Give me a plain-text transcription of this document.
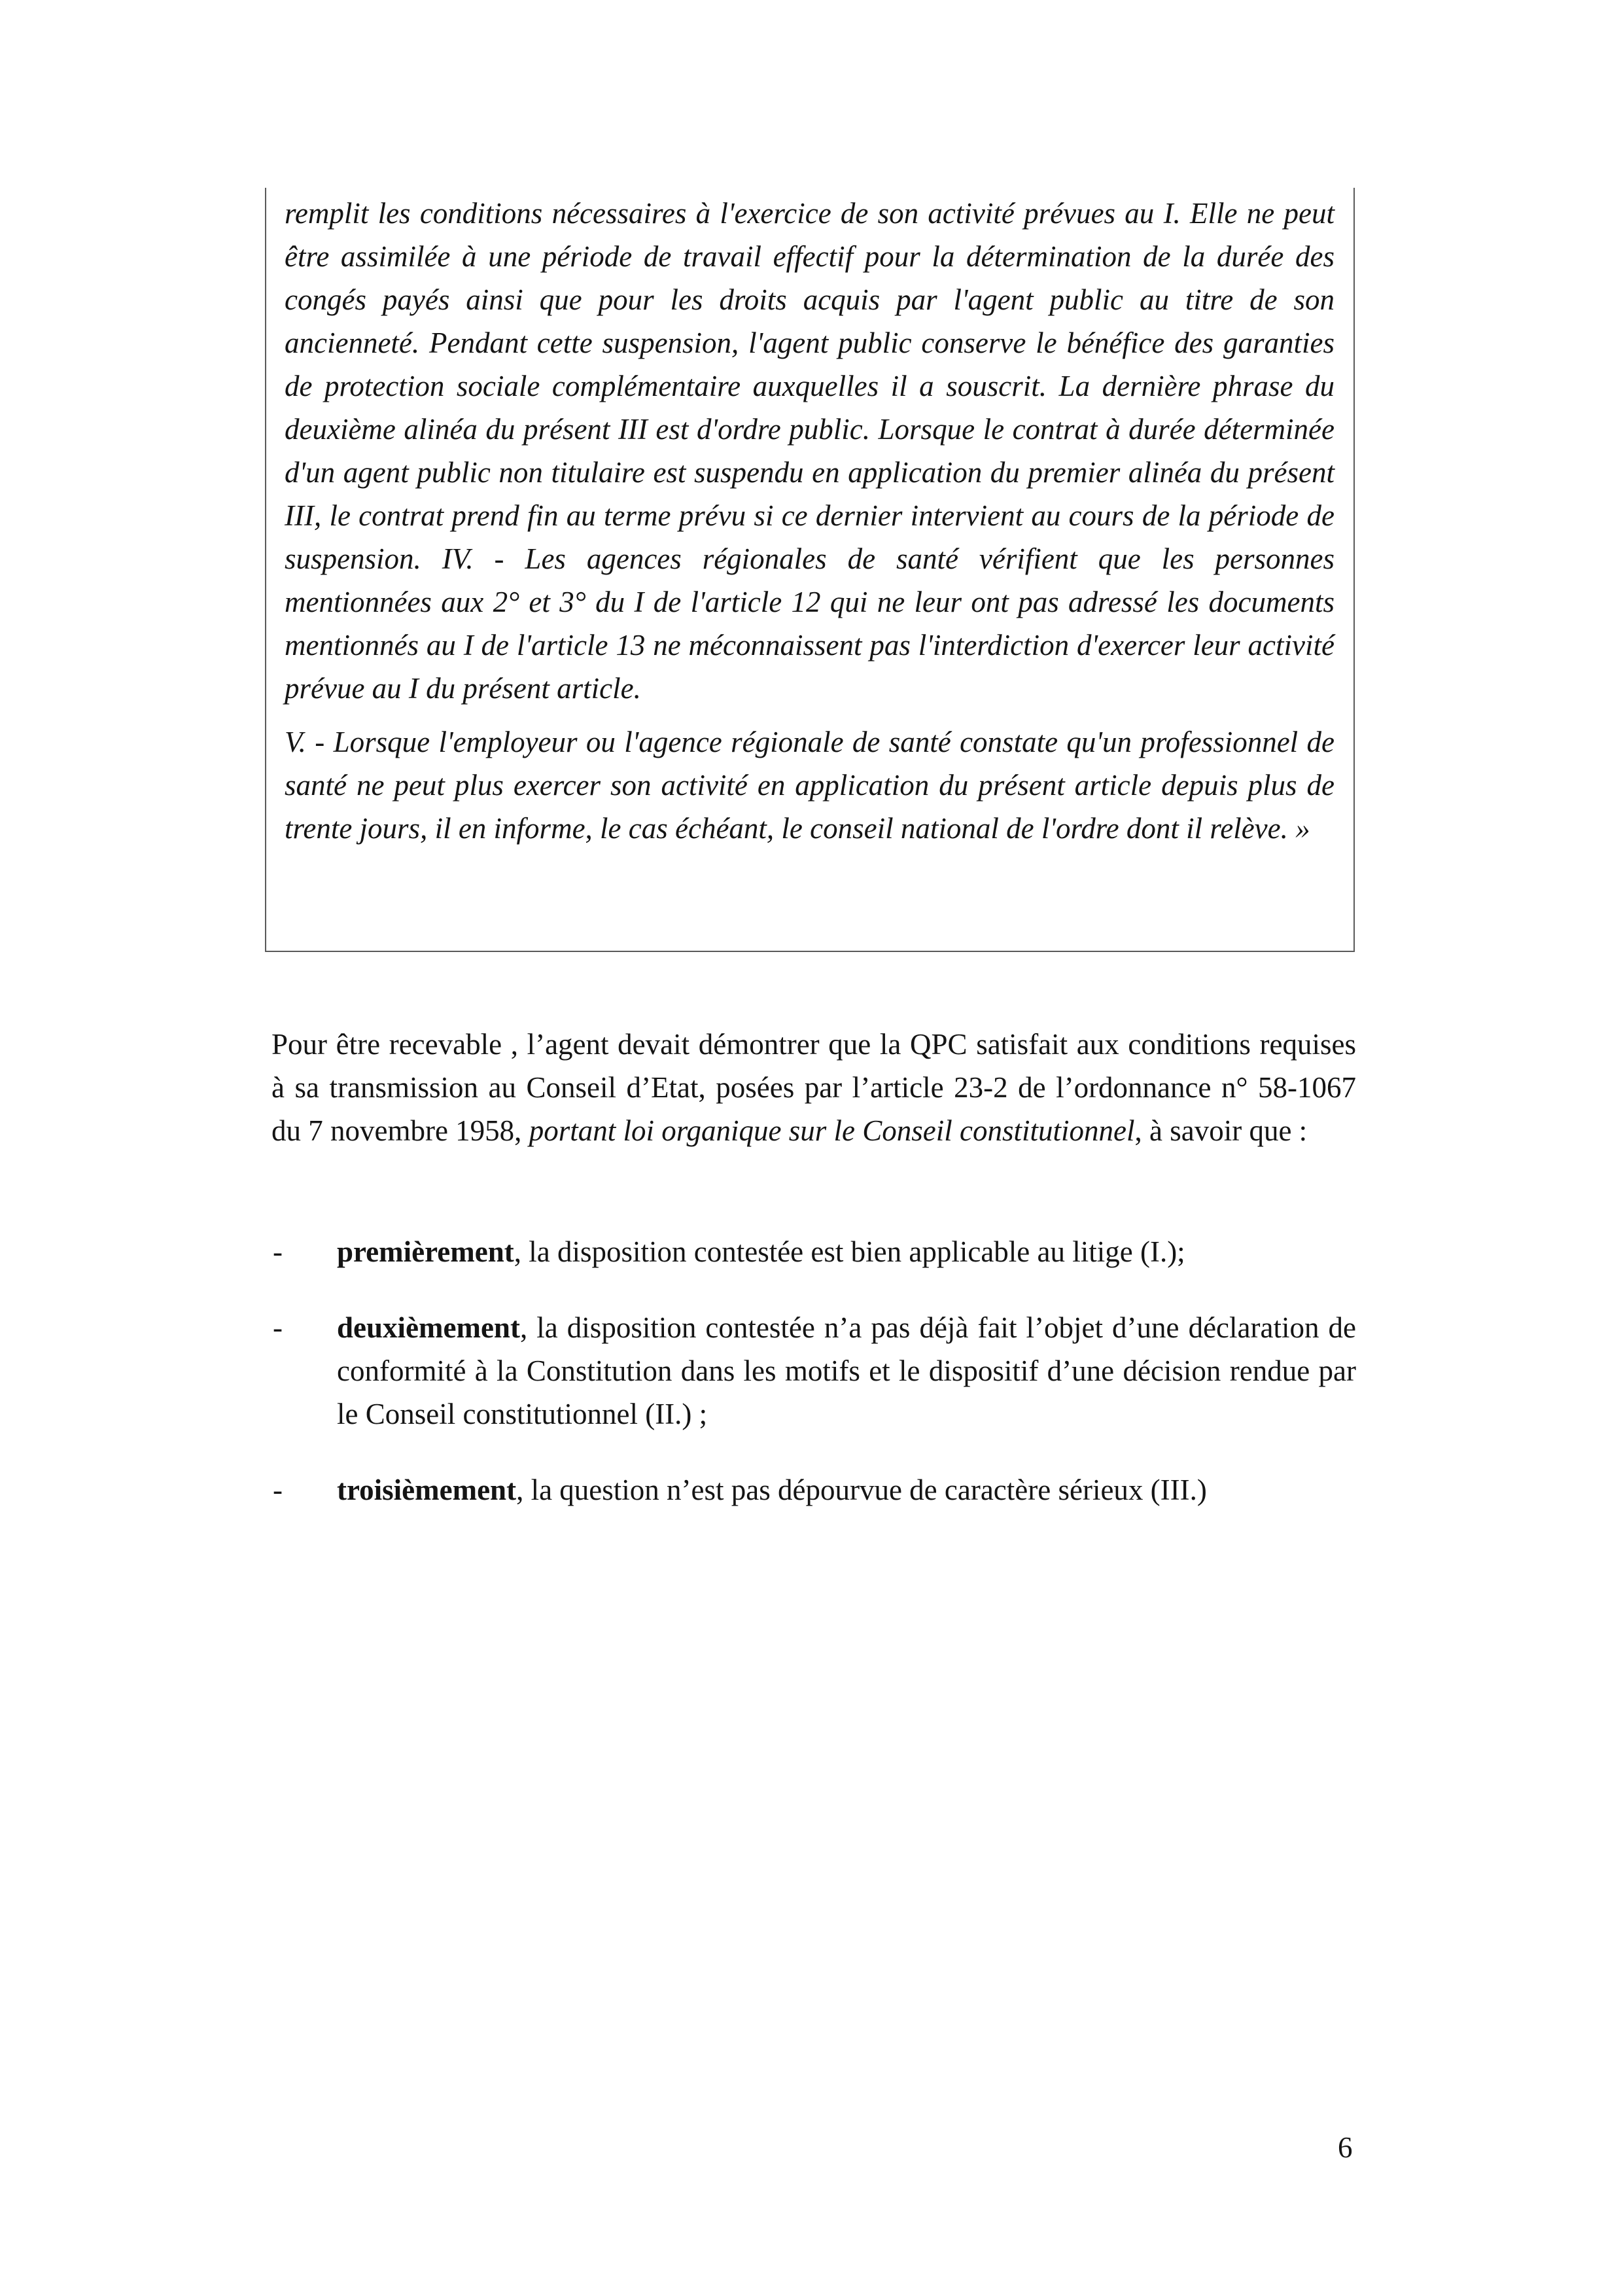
remplit les conditions nécessaires à l'exercice de son activité prévues au I. Elle ne peut être assimilée à une période de travail effectif pour la détermination de la durée des congés payés ainsi que pour les droits acquis par l'agent public au titre de son ancienneté. Pendant cette suspension, l'agent public conserve le bénéfice des garanties de protection sociale complémentaire auxquelles il a souscrit. La dernière phrase du deuxième alinéa du présent III est d'ordre public. Lorsque le contrat à durée déterminée d'un agent public non titulaire est suspendu en application du premier alinéa du présent III, le contrat prend fin au terme prévu si ce dernier intervient au cours de la période de suspension. IV. - Les agences régionales de santé vérifient que les personnes mentionnées aux 2° et 3° du I de l'article 12 qui ne leur ont pas adressé les documents mentionnés au I de l'article 13 ne méconnaissent pas l'interdiction d'exercer leur activité prévue au I du présent article.

V. - Lorsque l'employeur ou l'agence régionale de santé constate qu'un professionnel de santé ne peut plus exercer son activité en application du présent article depuis plus de trente jours, il en informe, le cas échéant, le conseil national de l'ordre dont il relève. »

Pour être recevable , l’agent devait démontrer que la QPC satisfait aux conditions requises à sa transmission au Conseil d’Etat, posées par l’article 23-2 de l’ordonnance n° 58-1067 du 7 novembre 1958, portant loi organique sur le Conseil constitutionnel, à savoir que :

- premièrement, la disposition contestée est bien applicable au litige (I.);
- deuxièmement, la disposition contestée n’a pas déjà fait l’objet d’une déclaration de conformité à la Constitution dans les motifs et le dispositif d’une décision rendue par le Conseil constitutionnel (II.) ;
- troisièmement, la question n’est pas dépourvue de caractère sérieux (III.)
6
